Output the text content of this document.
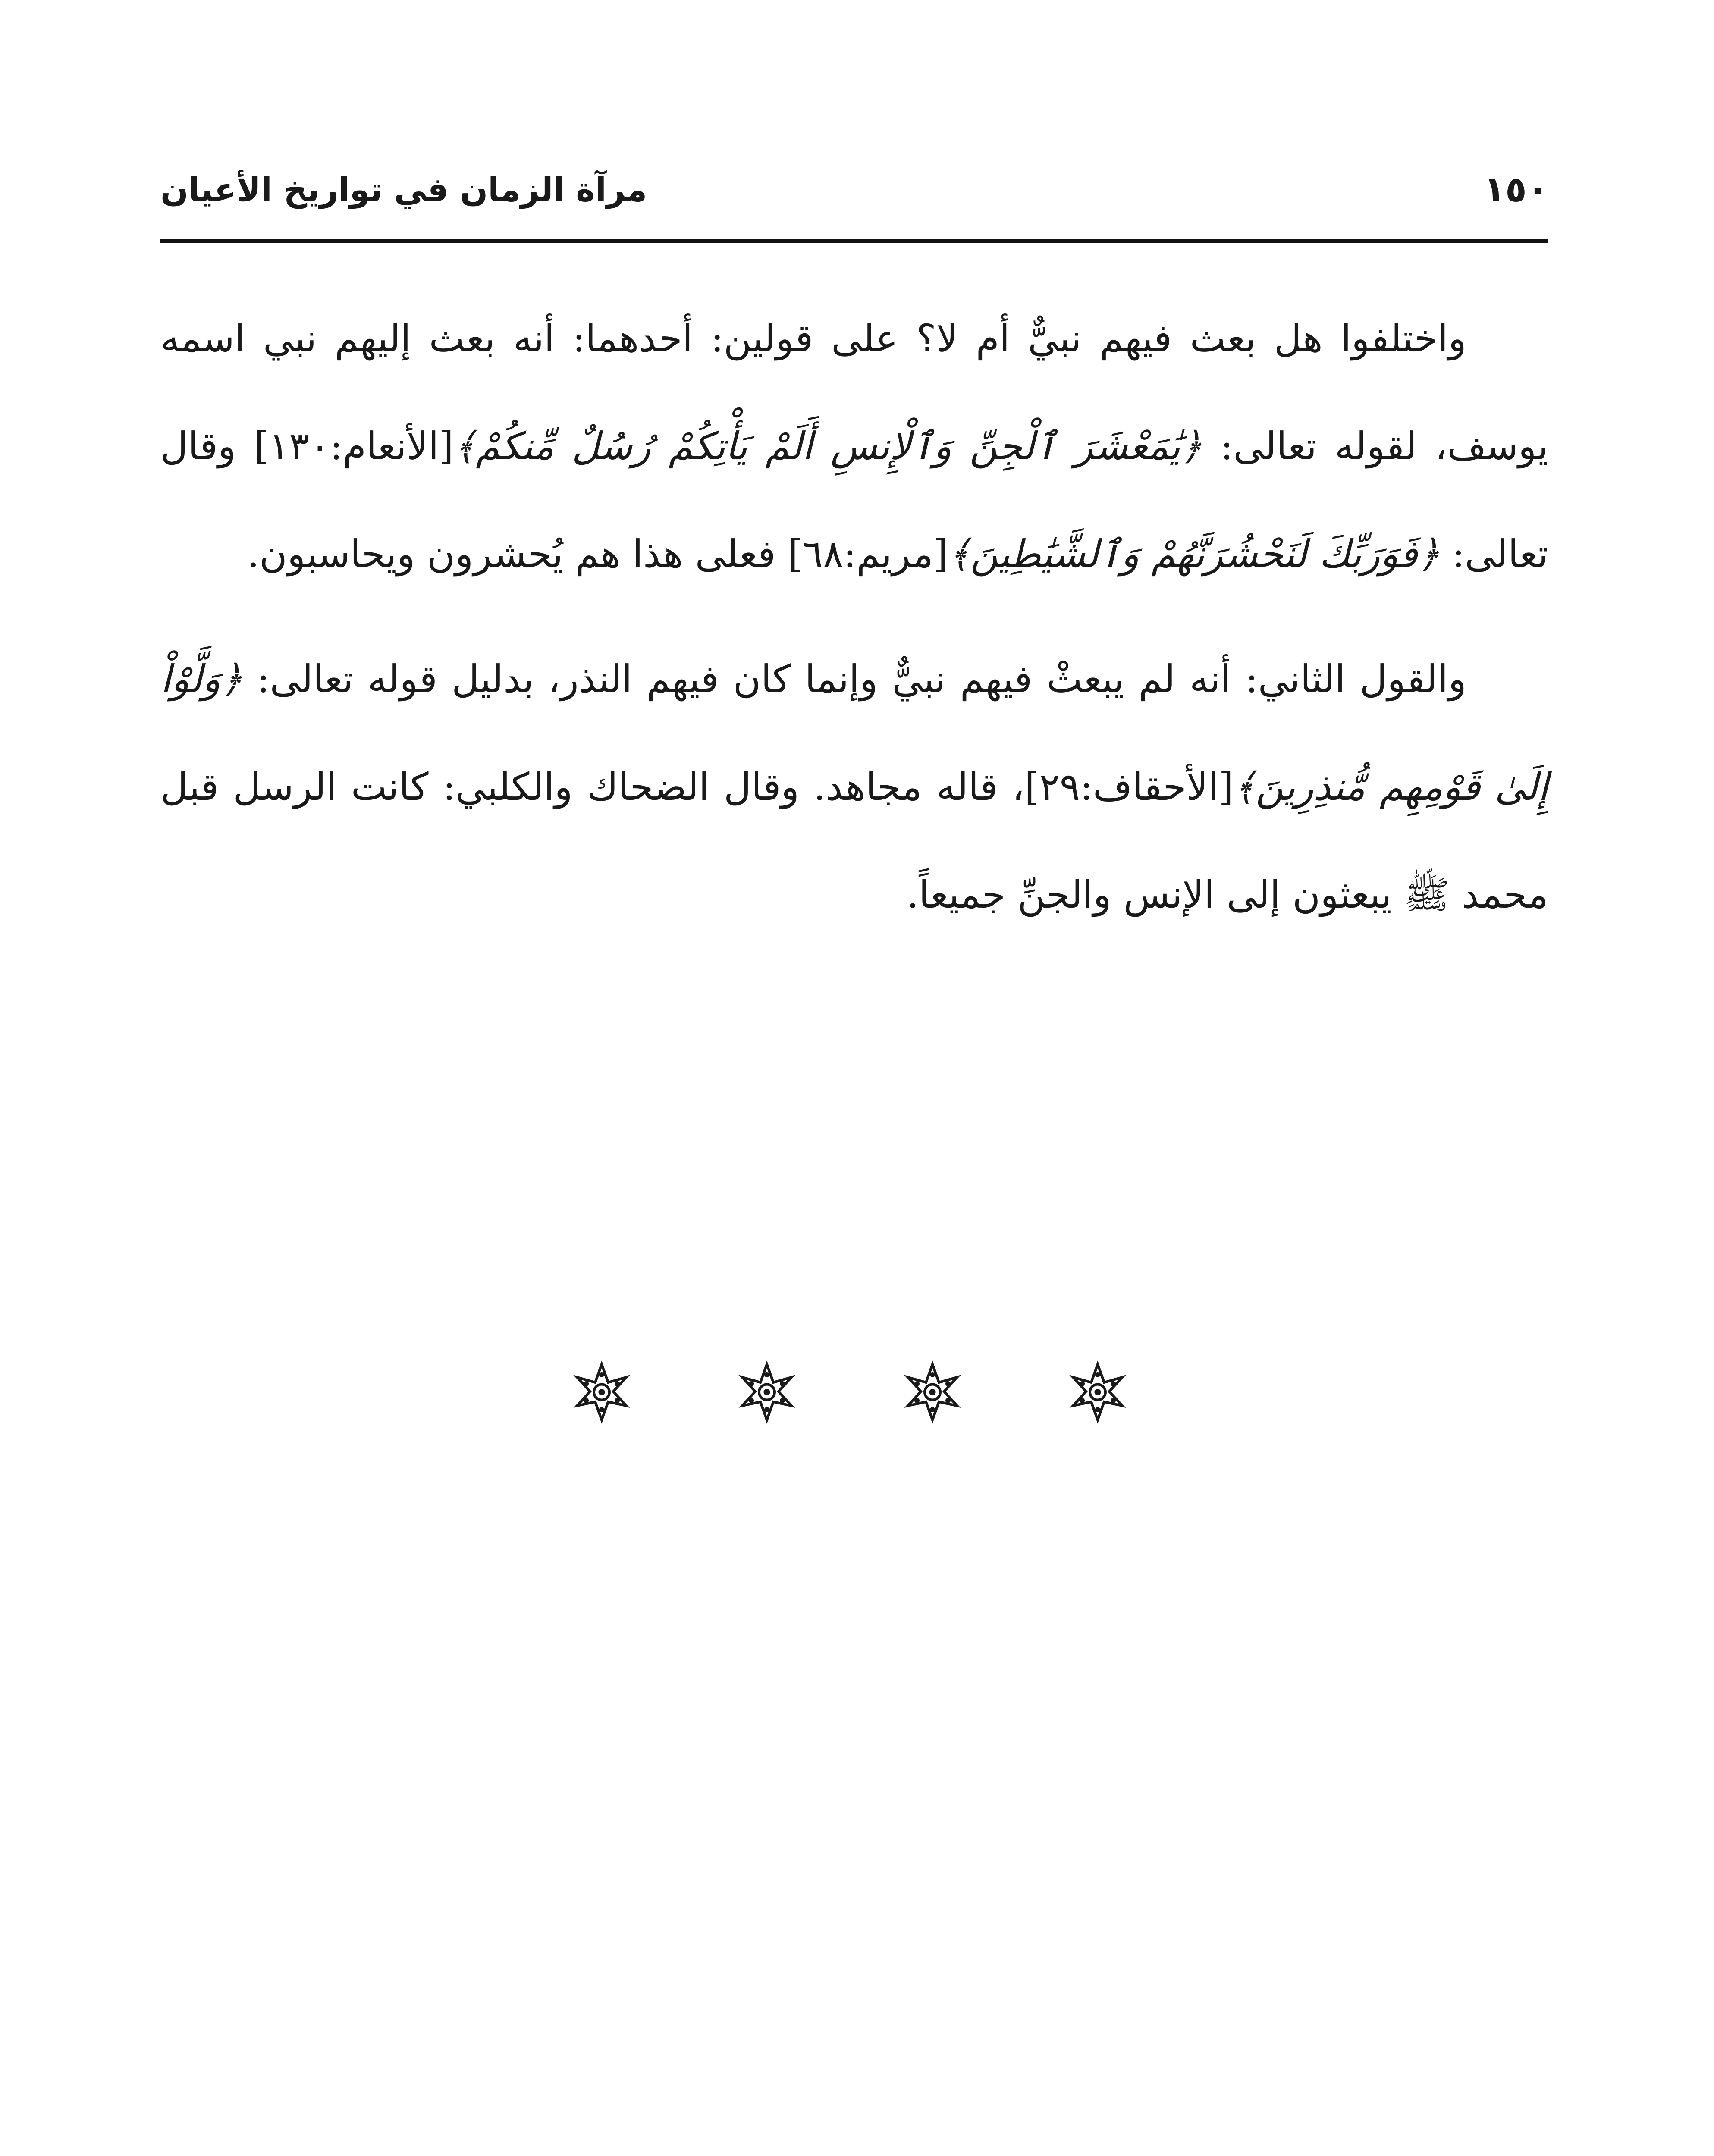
١٥٠
مرآة الزمان في تواريخ الأعيان

واختلفوا هل بعث فيهم نبيٌّ أم لا؟ على قولين: أحدهما: أنه بعث إليهم نبي اسمه يوسف، لقوله تعالى: ﴿يَٰمَعْشَرَ ٱلْجِنِّ وَٱلْإِنسِ أَلَمْ يَأْتِكُمْ رُسُلٌ مِّنكُمْ﴾[الأنعام:١٣٠] وقال تعالى: ﴿فَوَرَبِّكَ لَنَحْشُرَنَّهُمْ وَٱلشَّيَٰطِينَ﴾[مريم:٦٨] فعلى هذا هم يُحشرون ويحاسبون.

والقول الثاني: أنه لم يبعثْ فيهم نبيٌّ وإنما كان فيهم النذر، بدليل قوله تعالى: ﴿وَلَّوْاْ إِلَىٰ قَوْمِهِم مُّنذِرِينَ﴾[الأحقاف:٢٩]، قاله مجاهد. وقال الضحاك والكلبي: كانت الرسل قبل محمد ﷺ يبعثون إلى الإنس والجنِّ جميعاً.
